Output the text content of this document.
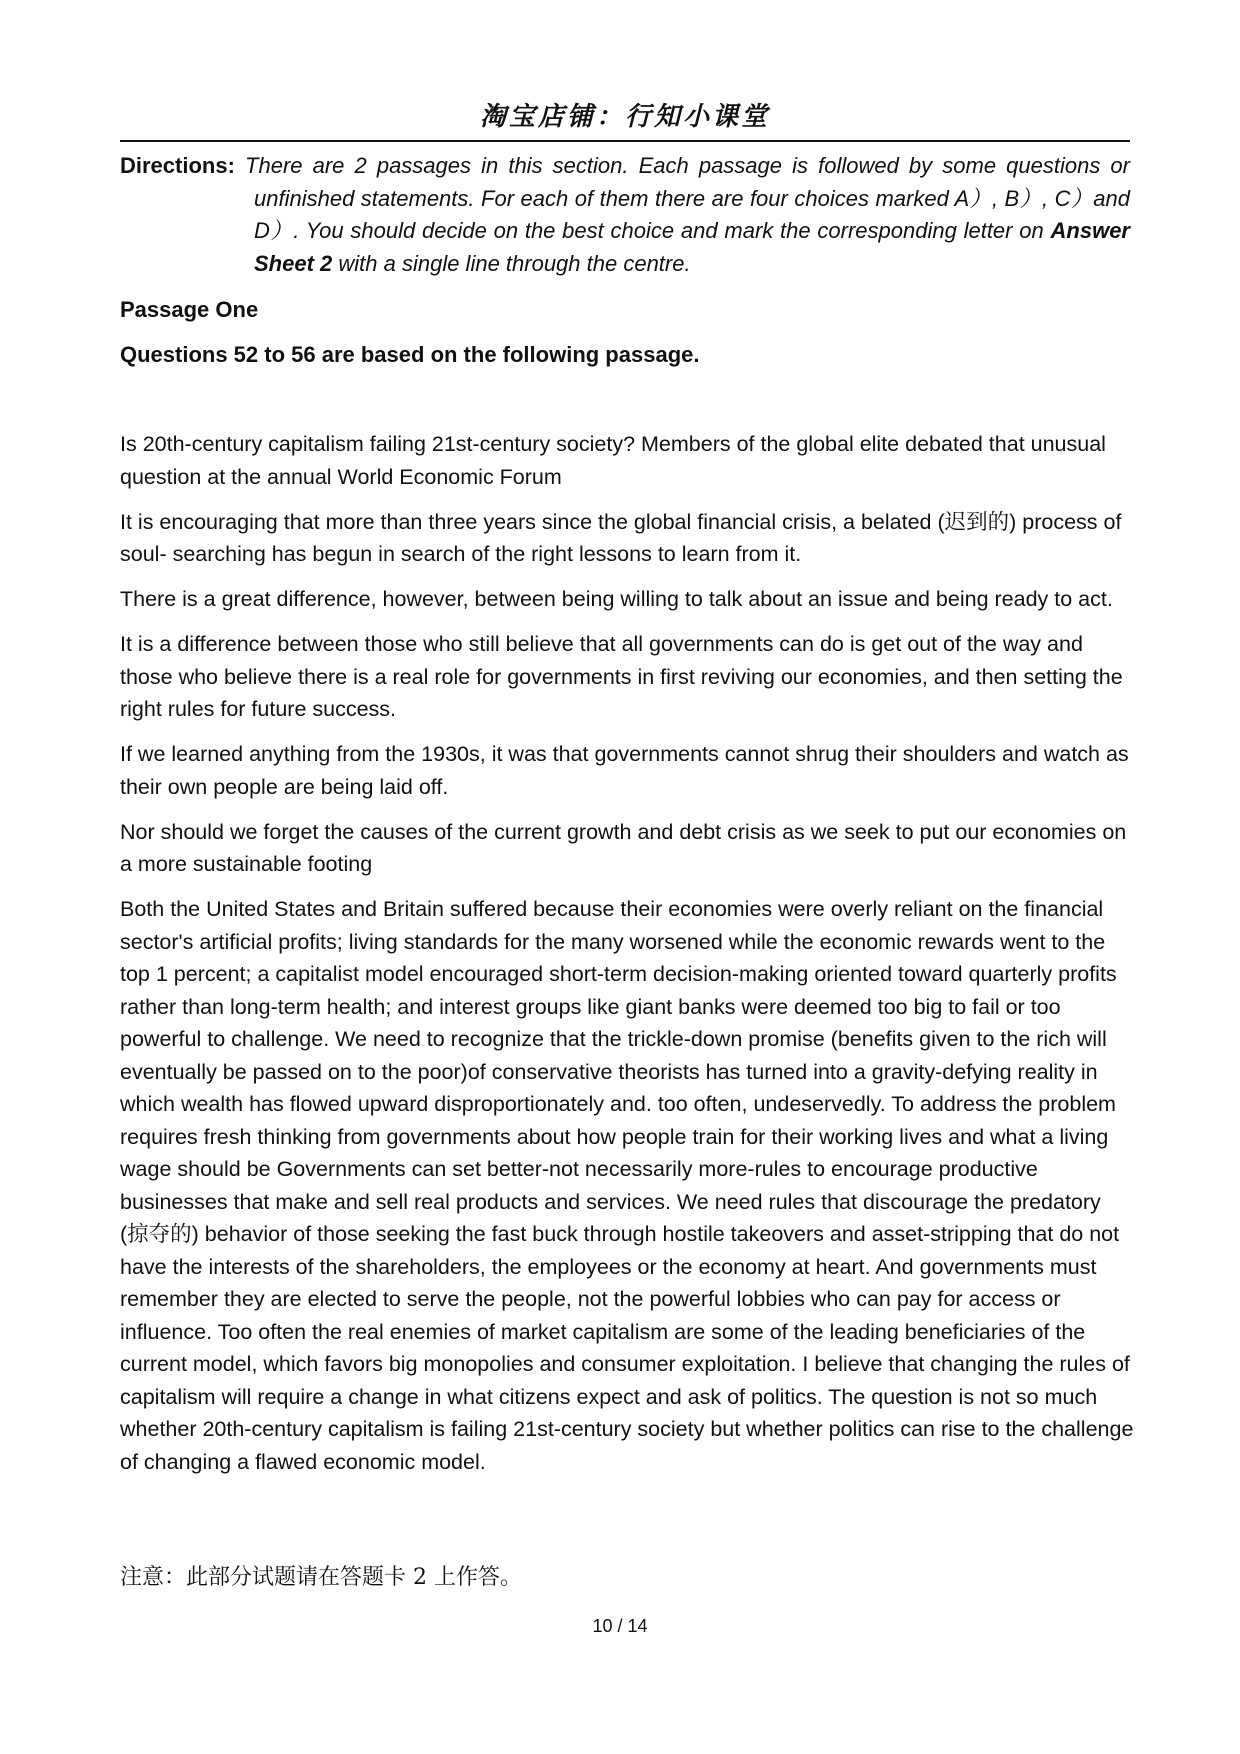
淘宝店铺：行知小课堂
Directions: There are 2 passages in this section. Each passage is followed by some questions or
unfinished statements. For each of them there are four choices marked A）, B）, C）and D）. You should decide on the best choice and mark the corresponding letter on Answer Sheet 2 with a single line through the centre.
Passage One
Questions 52 to 56 are based on the following passage.

Is 20th-century capitalism failing 21st-century society? Members of the global elite debated that unusual question at the annual World Economic Forum

It is encouraging that more than three years since the global financial crisis, a belated (迟到的) process of soul- searching has begun in search of the right lessons to learn from it.

There is a great difference, however, between being willing to talk about an issue and being ready to act.

It is a difference between those who still believe that all governments can do is get out of the way and those who believe there is a real role for governments in first reviving our economies, and then setting the right rules for future success.

If we learned anything from the 1930s, it was that governments cannot shrug their shoulders and watch as their own people are being laid off.

Nor should we forget the causes of the current growth and debt crisis as we seek to put our economies on a more sustainable footing

Both the United States and Britain suffered because their economies were overly reliant on the financial sector's artificial profits; living standards for the many worsened while the economic rewards went to the top 1 percent; a capitalist model encouraged short-term decision-making oriented toward quarterly profits rather than long-term health; and interest groups like giant banks were deemed too big to fail or too powerful to challenge. We need to recognize that the trickle-down promise (benefits given to the rich will eventually be passed on to the poor)of conservative theorists has turned into a gravity-defying reality in which wealth has flowed upward disproportionately and. too often, undeservedly. To address the problem requires fresh thinking from governments about how people train for their working lives and what a living wage should be Governments can set better-not necessarily more-rules to encourage productive businesses that make and sell real products and services. We need rules that discourage the predatory (掠夺的) behavior of those seeking the fast buck through hostile takeovers and asset-stripping that do not have the interests of the shareholders, the employees or the economy at heart. And governments must remember they are elected to serve the people, not the powerful lobbies who can pay for access or influence. Too often the real enemies of market capitalism are some of the leading beneficiaries of the current model, which favors big monopolies and consumer exploitation. I believe that changing the rules of capitalism will require a change in what citizens expect and ask of politics. The question is not so much whether 20th-century capitalism is failing 21st-century society but whether politics can rise to the challenge of changing a flawed economic model.

注意：此部分试题请在答题卡 2 上作答。
10 / 14
